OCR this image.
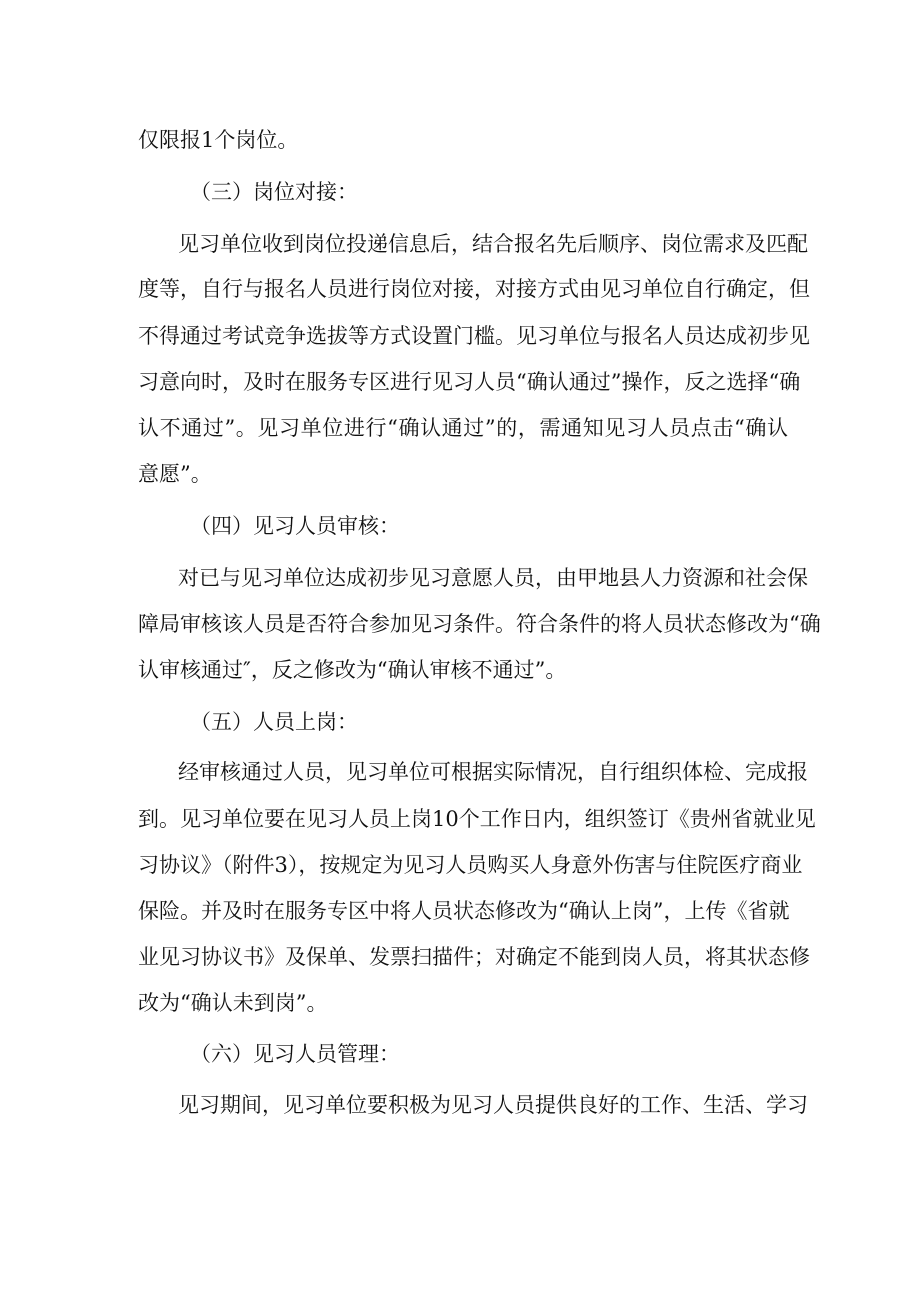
仅限报1个岗位。
（三）岗位对接：
见习单位收到岗位投递信息后，结合报名先后顺序、岗位需求及匹配
度等，自行与报名人员进行岗位对接，对接方式由见习单位自行确定，但
不得通过考试竞争选拔等方式设置门槛。见习单位与报名人员达成初步见
习意向时，及时在服务专区进行见习人员“确认通过”操作，反之选择“确
认不通过”。见习单位进行“确认通过”的，需通知见习人员点击“确认
意愿”。
（四）见习人员审核：
对已与见习单位达成初步见习意愿人员，由甲地县人力资源和社会保
障局审核该人员是否符合参加见习条件。符合条件的将人员状态修改为“确
认审核通过″，反之修改为“确认审核不通过”。
（五）人员上岗：
经审核通过人员，见习单位可根据实际情况，自行组织体检、完成报
到。见习单位要在见习人员上岗10个工作日内，组织签订《贵州省就业见
习协议》（附件3），按规定为见习人员购买人身意外伤害与住院医疗商业
保险。并及时在服务专区中将人员状态修改为“确认上岗”，上传《省就
业见习协议书》及保单、发票扫描件；对确定不能到岗人员，将其状态修
改为“确认未到岗”。
（六）见习人员管理：
见习期间，见习单位要积极为见习人员提供良好的工作、生活、学习
